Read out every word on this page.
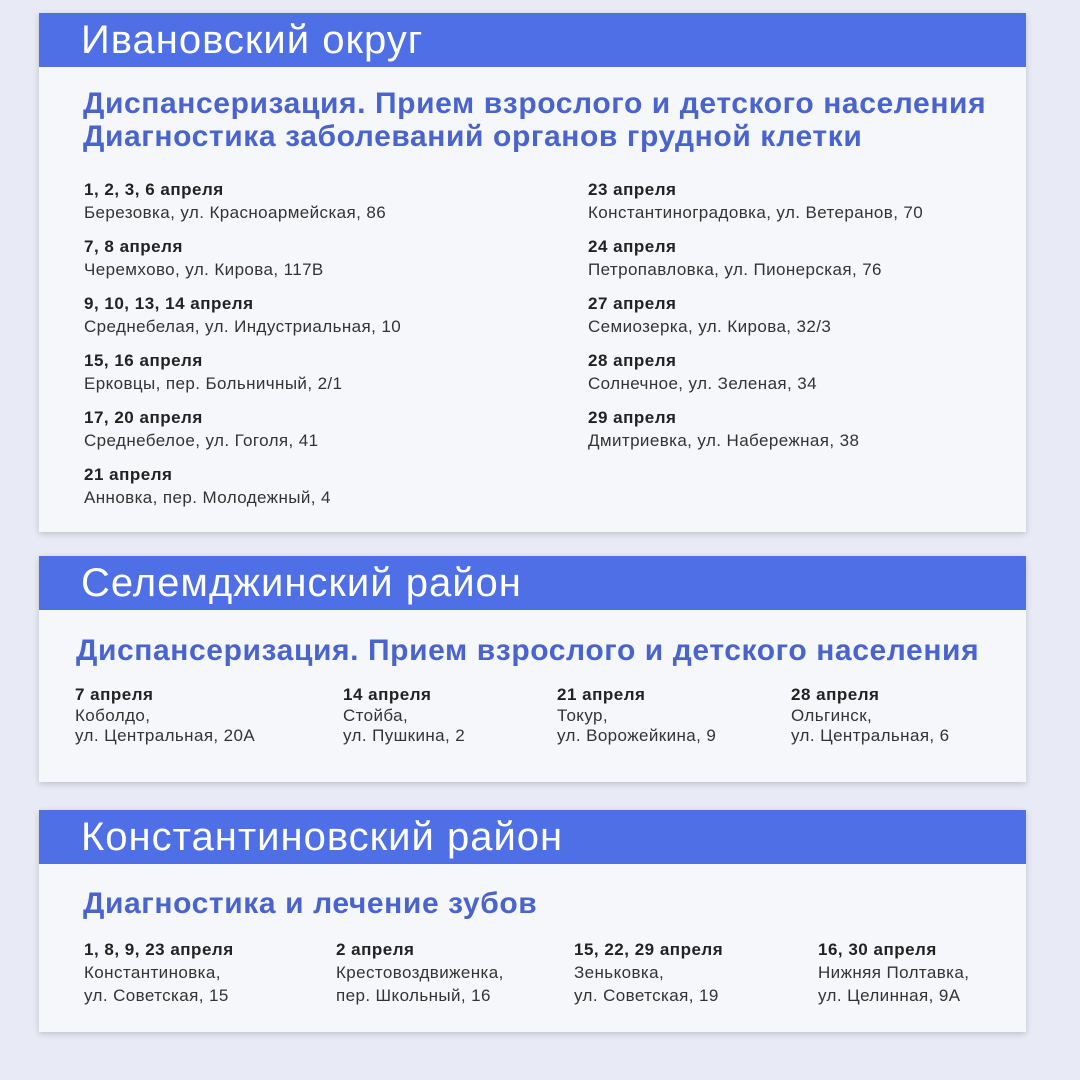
Ивановский округ
Диспансеризация. Прием взрослого и детского населения
Диагностика заболеваний органов грудной клетки
1, 2, 3, 6 апреля
Березовка, ул. Красноармейская, 86
7, 8 апреля
Черемхово, ул. Кирова, 117В
9, 10, 13, 14 апреля
Среднебелая, ул. Индустриальная, 10
15, 16 апреля
Ерковцы, пер. Больничный, 2/1
17, 20 апреля
Среднебелое, ул. Гоголя, 41
21 апреля
Анновка, пер. Молодежный, 4
23 апреля
Константиноградовка, ул. Ветеранов, 70
24 апреля
Петропавловка, ул. Пионерская, 76
27 апреля
Семиозерка, ул. Кирова, 32/3
28 апреля
Солнечное, ул. Зеленая, 34
29 апреля
Дмитриевка, ул. Набережная, 38
Селемджинский район
Диспансеризация. Прием взрослого и детского населения
7 апреля
Коболдо,
ул. Центральная, 20А
14 апреля
Стойба,
ул. Пушкина, 2
21 апреля
Токур,
ул. Ворожейкина, 9
28 апреля
Ольгинск,
ул. Центральная, 6
Константиновский район
Диагностика и лечение зубов
1, 8, 9, 23 апреля
Константиновка,
ул. Советская, 15
2 апреля
Крестовоздвиженка,
пер. Школьный, 16
15, 22, 29 апреля
Зеньковка,
ул. Советская, 19
16, 30 апреля
Нижняя Полтавка,
ул. Целинная, 9А
